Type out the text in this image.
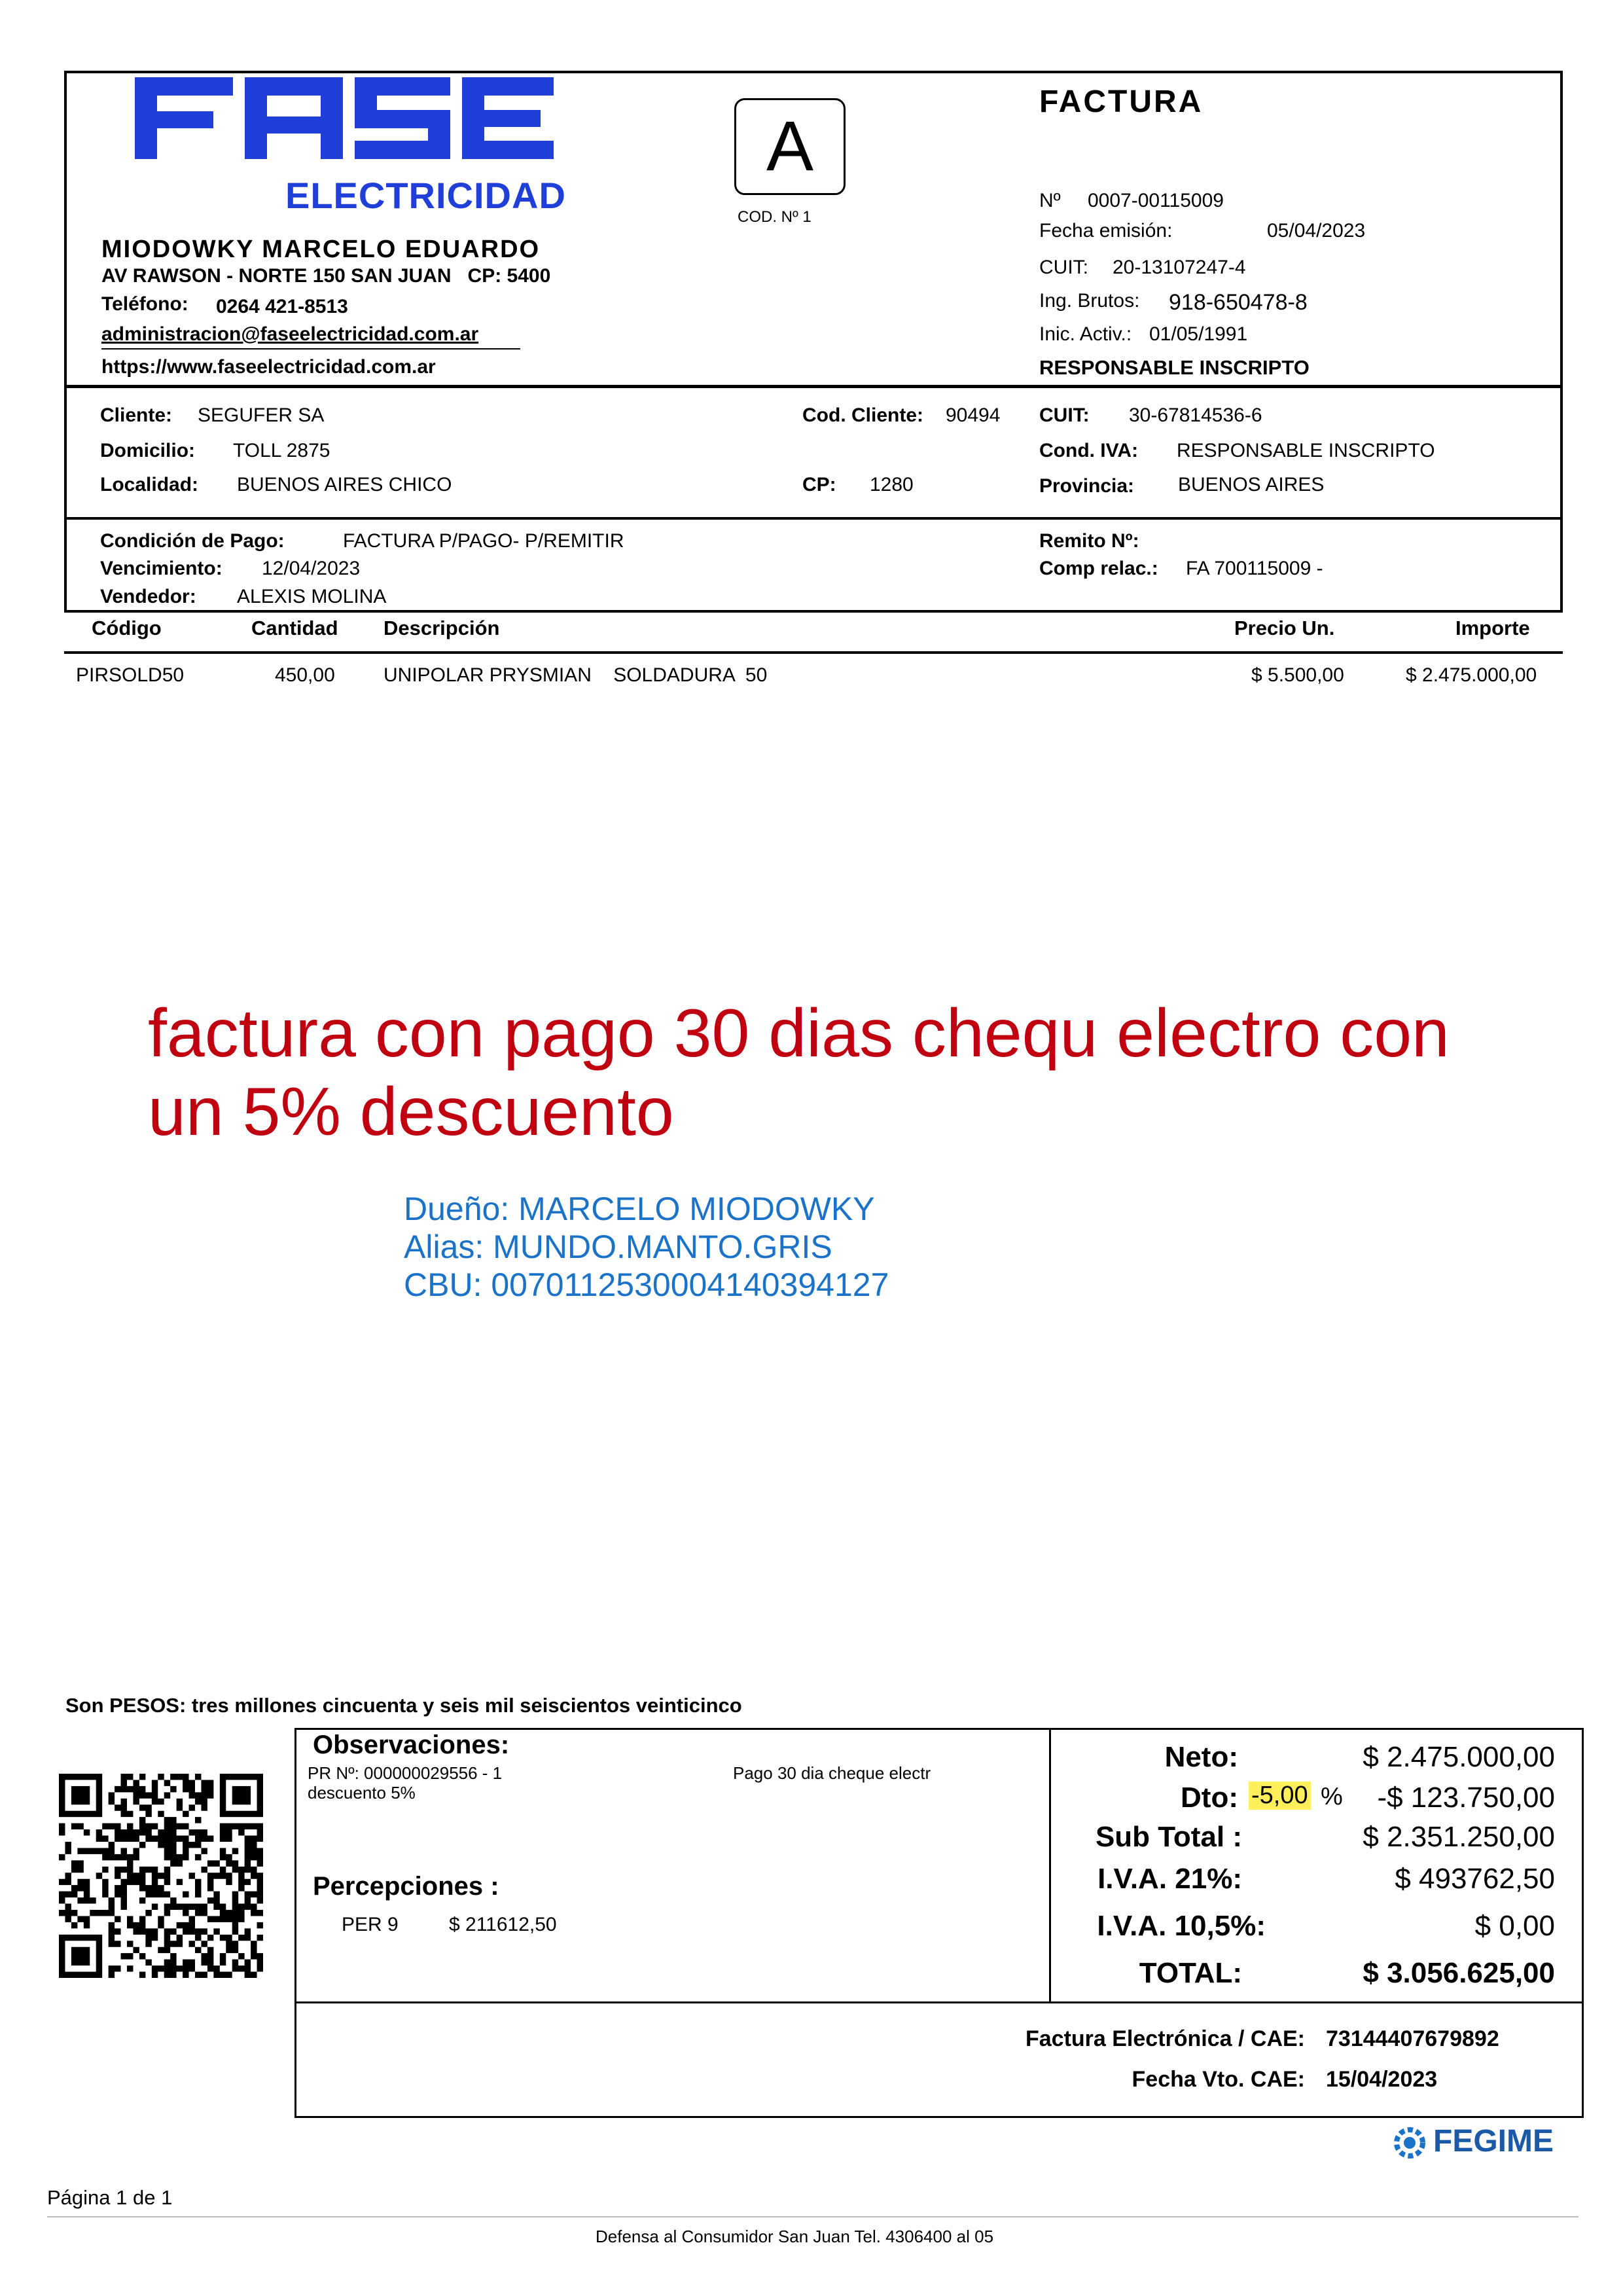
ELECTRICIDAD
MIODOWKY MARCELO EDUARDO
AV RAWSON - NORTE 150 SAN JUAN   CP: 5400
Teléfono: 0264 421-8513
administracion@faseelectricidad.com.ar
https://www.faseelectricidad.com.ar
A
COD. Nº 1
FACTURA
Nº 0007-00115009
Fecha emisión:	05/04/2023
CUIT: 20-13107247-4
Ing. Brutos: 918-650478-8
Inic. Activ.: 01/05/1991
RESPONSABLE INSCRIPTO
Cliente: SEGUFER SA	Cod. Cliente: 90494 CUIT: 30-67814536-6
Domicilio: TOLL 2875	Cond. IVA: RESPONSABLE INSCRIPTO
Localidad: BUENOS AIRES CHICO	CP: 1280	Provincia: BUENOS AIRES
Condición de Pago:	FACTURA P/PAGO- P/REMITIR
Vencimiento: 12/04/2023
Vendedor: ALEXIS MOLINA
Remito Nº:
Comp relac.: FA 700115009 -
Código	Cantidad Descripción	Precio Un.	Importe
PIRSOLD50	450,00 UNIPOLAR PRYSMIAN    SOLDADURA  50	$ 5.500,00	$ 2.475.000,00
factura con pago 30 dias chequ electro con
un 5% descuento
Dueño: MARCELO MIODOWKY
Alias: MUNDO.MANTO.GRIS
CBU: 0070112530004140394127
Son PESOS: tres millones cincuenta y seis mil seiscientos veinticinco
Observaciones:
PR Nº: 000000029556 - 1
descuento 5%
Pago 30 dia cheque electr
Percepciones :
PER 9	$ 211612,50
Neto:	$ 2.475.000,00
Dto: -5,00 % -$ 123.750,00
Sub Total :	$ 2.351.250,00
I.V.A. 21%:	$ 493762,50
I.V.A. 10,5%:	$ 0,00
TOTAL:	$ 3.056.625,00
Factura Electrónica / CAE: 73144407679892
Fecha Vto. CAE: 15/04/2023
FEGIME
Página 1 de 1
Defensa al Consumidor San Juan Tel. 4306400 al 05
